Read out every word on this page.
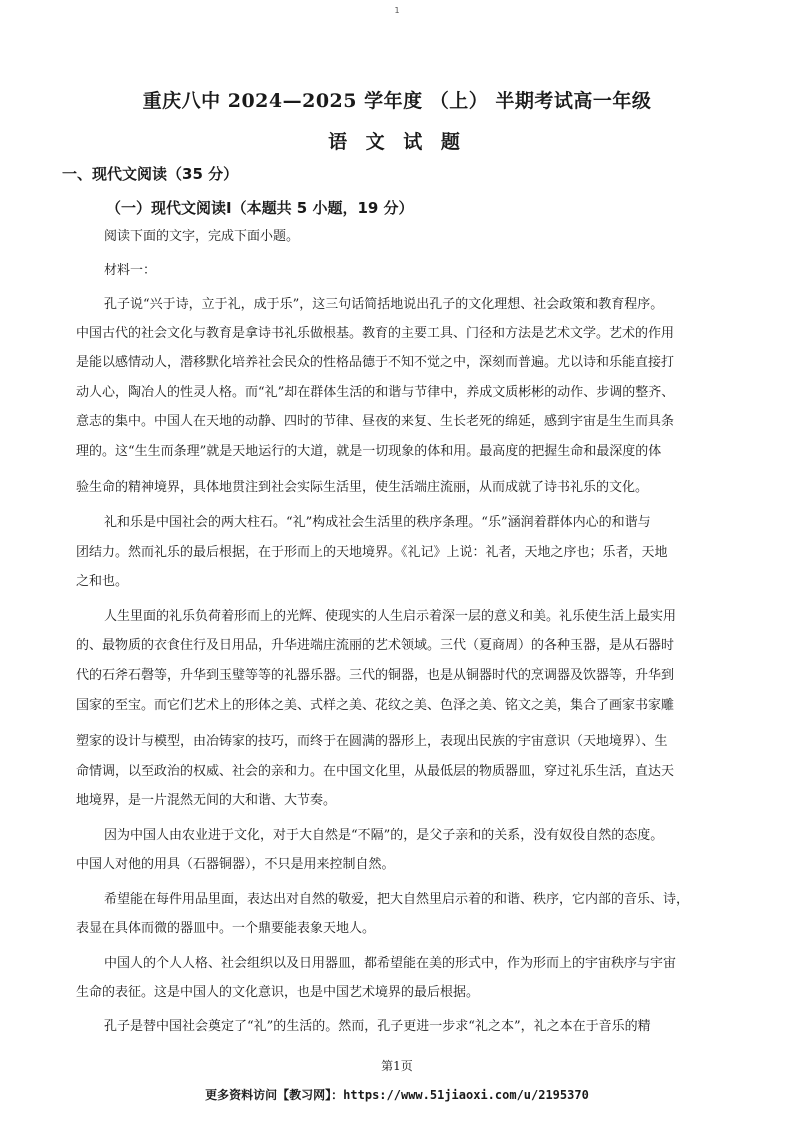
1
重庆八中 2024—2025 学年度 （上） 半期考试高一年级
语 文 试 题
一、现代文阅读（35 分）
（一）现代文阅读Ⅰ（本题共 5 小题，19 分）
阅读下面的文字，完成下面小题。
材料一：
孔子说“兴于诗，立于礼，成于乐”，这三句话简括地说出孔子的文化理想、社会政策和教育程序。
中国古代的社会文化与教育是拿诗书礼乐做根基。教育的主要工具、门径和方法是艺术文学。艺术的作用
是能以感情动人，潜移默化培养社会民众的性格品德于不知不觉之中，深刻而普遍。尤以诗和乐能直接打
动人心，陶冶人的性灵人格。而“礼”却在群体生活的和谐与节律中，养成文质彬彬的动作、步调的整齐、
意志的集中。中国人在天地的动静、四时的节律、昼夜的来复、生长老死的绵延，感到宇宙是生生而具条
理的。这“生生而条理”就是天地运行的大道，就是一切现象的体和用。最高度的把握生命和最深度的体
验生命的精神境界，具体地贯注到社会实际生活里，使生活端庄流丽，从而成就了诗书礼乐的文化。
礼和乐是中国社会的两大柱石。“礼”构成社会生活里的秩序条理。“乐”涵润着群体内心的和谐与
团结力。然而礼乐的最后根据，在于形而上的天地境界。《礼记》上说：礼者，天地之序也；乐者，天地
之和也。
人生里面的礼乐负荷着形而上的光辉、使现实的人生启示着深一层的意义和美。礼乐使生活上最实用
的、最物质的衣食住行及日用品，升华进端庄流丽的艺术领域。三代（夏商周）的各种玉器，是从石器时
代的石斧石磬等，升华到玉璧等等的礼器乐器。三代的铜器，也是从铜器时代的烹调器及饮器等，升华到
国家的至宝。而它们艺术上的形体之美、式样之美、花纹之美、色泽之美、铭文之美，集合了画家书家雕
塑家的设计与模型，由冶铸家的技巧，而终于在圆满的器形上，表现出民族的宇宙意识（天地境界）、生
命情调，以至政治的权威、社会的亲和力。在中国文化里，从最低层的物质器皿，穿过礼乐生活，直达天
地境界，是一片混然无间的大和谐、大节奏。
因为中国人由农业进于文化，对于大自然是“不隔”的，是父子亲和的关系，没有奴役自然的态度。
中国人对他的用具（石器铜器），不只是用来控制自然。
希望能在每件用品里面，表达出对自然的敬爱，把大自然里启示着的和谐、秩序，它内部的音乐、诗，
表显在具体而微的器皿中。一个鼎要能表象天地人。
中国人的个人人格、社会组织以及日用器皿，都希望能在美的形式中，作为形而上的宇宙秩序与宇宙
生命的表征。这是中国人的文化意识，也是中国艺术境界的最后根据。
孔子是替中国社会奠定了“礼”的生活的。然而，孔子更进一步求“礼之本”，礼之本在于音乐的精
第1页
更多资料访问【教习网】：https://www.51jiaoxi.com/u/2195370
